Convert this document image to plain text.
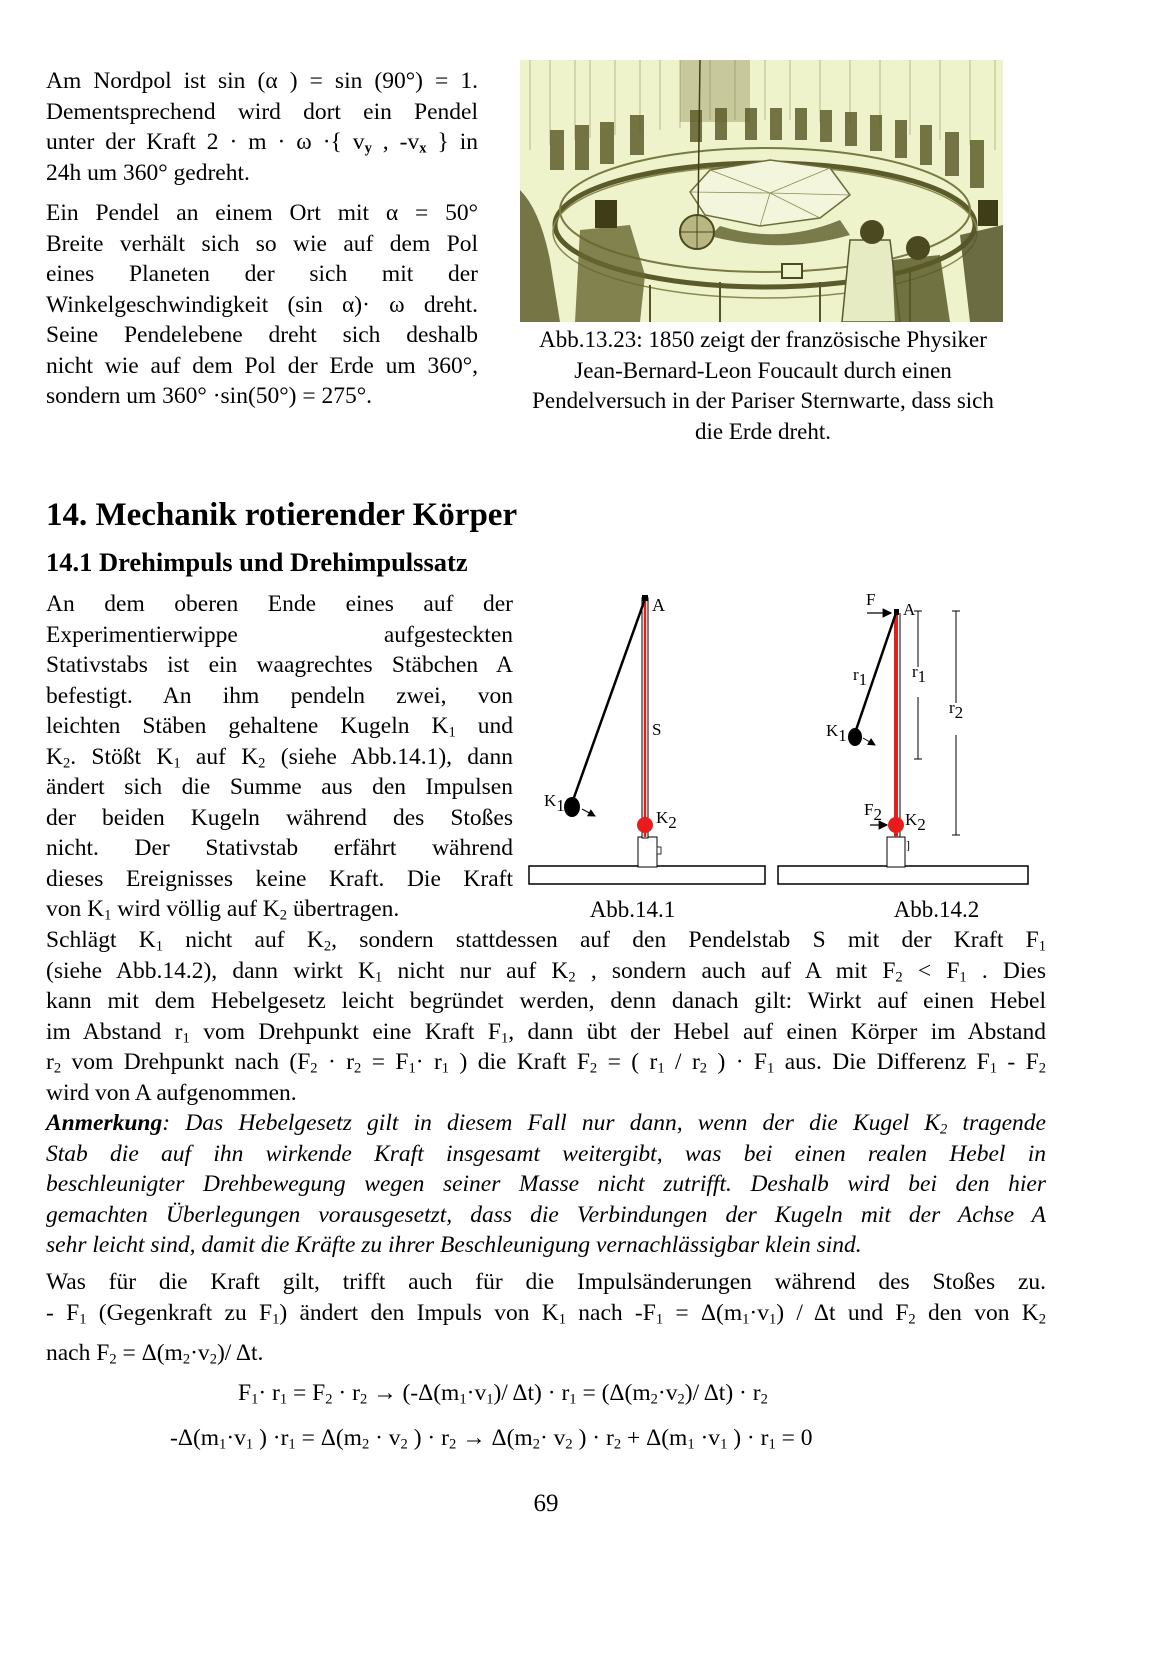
Am Nordpol ist sin (α ) = sin (90°) = 1.
Dementsprechend wird dort ein Pendel
unter der Kraft 2 · m · ω ·{ $v_y$ , $-v_x$ } in
24h um 360° gedreht.
Ein Pendel an einem Ort mit α = 50°
Breite verhält sich so wie auf dem Pol
eines Planeten der sich mit der
Winkelgeschwindigkeit (sin α)· ω dreht.
Seine Pendelebene dreht sich deshalb
nicht wie auf dem Pol der Erde um 360°,
sondern um 360° ·sin(50°) = 275°.
Abb.13.23: 1850 zeigt der französische Physiker
Jean-Bernard-Leon Foucault durch einen
Pendelversuch in der Pariser Sternwarte, dass sich
die Erde dreht.
14. Mechanik rotierender Körper
14.1 Drehimpuls und Drehimpulssatz
An dem oberen Ende eines auf der
Experimentierwippe aufgesteckten
Stativstabs ist ein waagrechtes Stäbchen A
befestigt. An ihm pendeln zwei, von
leichten Stäben gehaltene Kugeln $K_1$ und
$K_2$. Stößt $K_1$ auf $K_2$ (siehe Abb.14.1), dann
ändert sich die Summe aus den Impulsen
der beiden Kugeln während des Stoßes
nicht. Der Stativstab erfährt während
dieses Ereignisses keine Kraft. Die Kraft
von $K_1$ wird völlig auf $K_2$ übertragen.
A
S
K1
K2
]
A
F
r1	r1
r2
K1
F2 K2
Abb.14.1	Abb.14.2
Schlägt $K_1$ nicht auf $K_2$, sondern stattdessen auf den Pendelstab S mit der Kraft $F_1$
(siehe Abb.14.2), dann wirkt $K_1$ nicht nur auf $K_2$ , sondern auch auf A mit $F_2 < F_1$ . Dies
kann mit dem Hebelgesetz leicht begründet werden, denn danach gilt: Wirkt auf einen Hebel
im Abstand $r_1$ vom Drehpunkt eine Kraft $F_1$, dann übt der Hebel auf einen Körper im Abstand
$r_2$ vom Drehpunkt nach ($F_2 \cdot r_2 = F_1\cdot r_1$ ) die Kraft $F_2$ = ( $r_1 / r_2$ ) · $F_1$ aus. Die Differenz $F_1 - F_2$
wird von A aufgenommen.
Anmerkung: Das Hebelgesetz gilt in diesem Fall nur dann, wenn der die Kugel $K_2$ tragende
Stab die auf ihn wirkende Kraft insgesamt weitergibt, was bei einen realen Hebel in
beschleunigter Drehbewegung wegen seiner Masse nicht zutrifft. Deshalb wird bei den hier
gemachten Überlegungen vorausgesetzt, dass die Verbindungen der Kugeln mit der Achse A
sehr leicht sind, damit die Kräfte zu ihrer Beschleunigung vernachlässigbar klein sind.
Was für die Kraft gilt, trifft auch für die Impulsänderungen während des Stoßes zu.
- $F_1$ (Gegenkraft zu $F_1$) ändert den Impuls von $K_1$ nach $-F_1 = \Delta(m_1\cdot v_1) / \Delta t$ und $F_2$ den von $K_2$
nach $F_2 = \Delta(m_2\cdot v_2)/$ Δt.
$F_1\cdot r_1 = F_2 \cdot r_2 \to (-\Delta(m_1\cdot v_1)/$ $\Delta t) \cdot r_1 = (\Delta(m_2\cdot v_2)/$ $\Delta t) \cdot r_2$
$-\Delta(m_1\cdot v_1$ ) $\cdot r_1 = \Delta(m_2 \cdot v_2$ ) · $r_2 \to \Delta(m_2\cdot v_2$ ) · $r_2 + \Delta(m_1 \cdot v_1$ ) · $r_1 = 0$
69
